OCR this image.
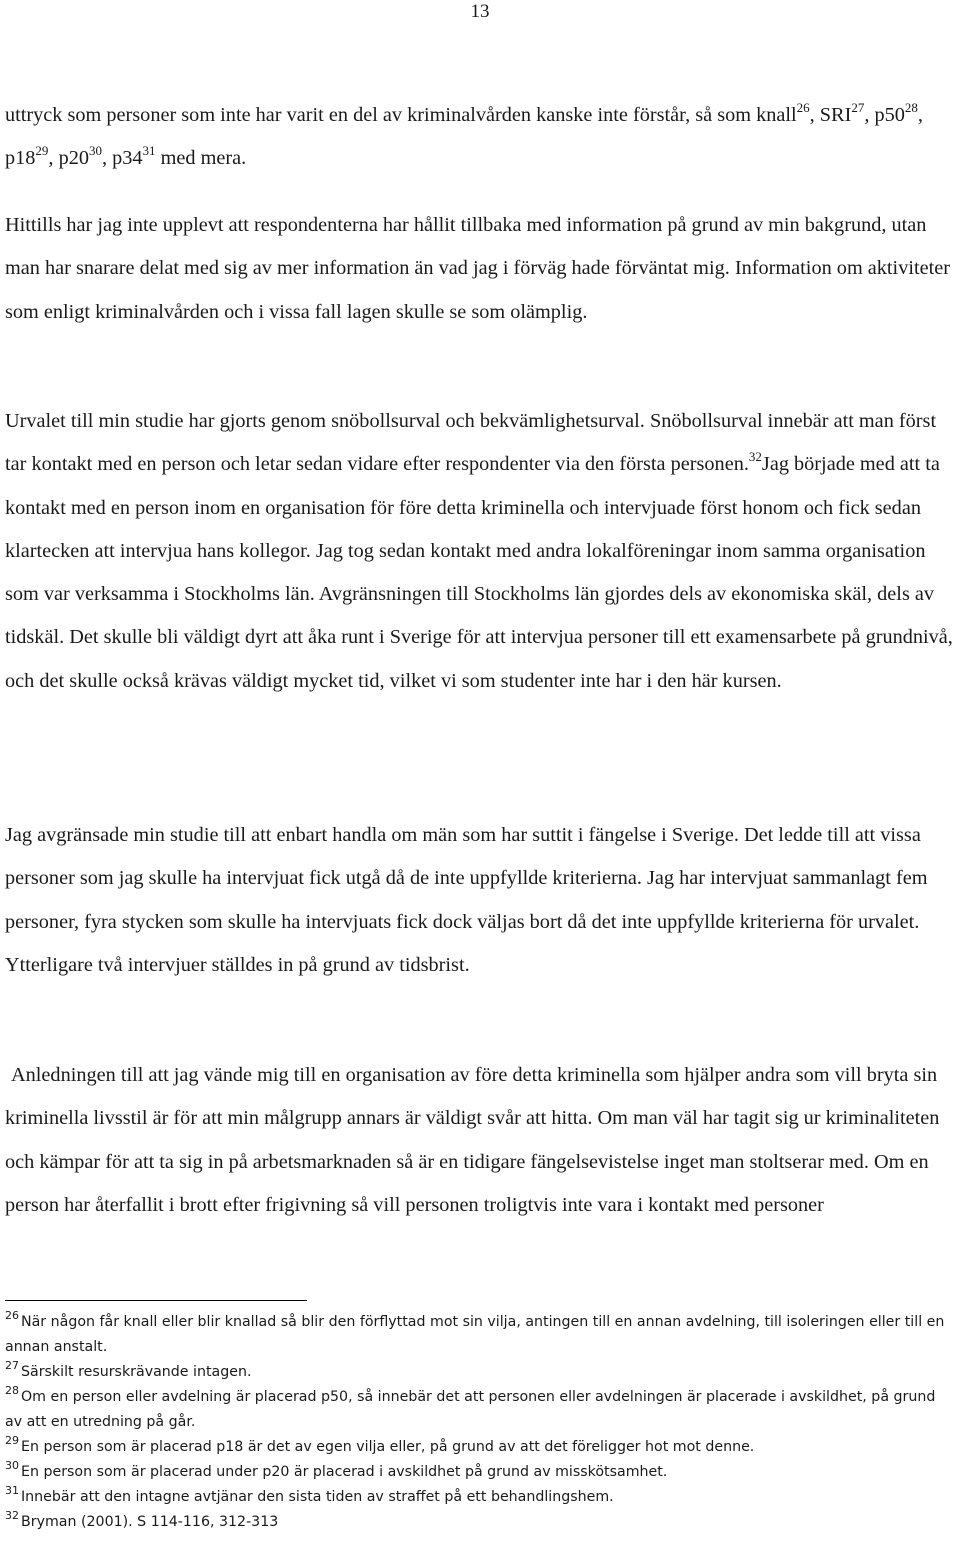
13

uttryck som personer som inte har varit en del av kriminalvården kanske inte förstår, så som knall$^{26}$, SRI$^{27}$, $p50^{28}$, $p18^{29}$, $p20^{30}$, $p34^{31}$ med mera.

Hittills har jag inte upplevt att respondenterna har hållit tillbaka med information på grund av min bakgrund, utan man har snarare delat med sig av mer information än vad jag i förväg hade förväntat mig. Information om aktiviteter som enligt kriminalvården och i vissa fall lagen skulle se som olämplig.

Urvalet till min studie har gjorts genom snöbollsurval och bekvämlighetsurval. Snöbollsurval innebär att man först tar kontakt med en person och letar sedan vidare efter respondenter via den första personen.$^{32}$Jag började med att ta kontakt med en person inom en organisation för före detta kriminella och intervjuade först honom och fick sedan klartecken att intervjua hans kollegor. Jag tog sedan kontakt med andra lokalföreningar inom samma organisation som var verksamma i Stockholms län. Avgränsningen till Stockholms län gjordes dels av ekonomiska skäl, dels av tidskäl. Det skulle bli väldigt dyrt att åka runt i Sverige för att intervjua personer till ett examensarbete på grundnivå, och det skulle också krävas väldigt mycket tid, vilket vi som studenter inte har i den här kursen.

Jag avgränsade min studie till att enbart handla om män som har suttit i fängelse i Sverige. Det ledde till att vissa personer som jag skulle ha intervjuat fick utgå då de inte uppfyllde kriterierna. Jag har intervjuat sammanlagt fem personer, fyra stycken som skulle ha intervjuats fick dock väljas bort då det inte uppfyllde kriterierna för urvalet. Ytterligare två intervjuer ställdes in på grund av tidsbrist.

Anledningen till att jag vände mig till en organisation av före detta kriminella som hjälper andra som vill bryta sin kriminella livsstil är för att min målgrupp annars är väldigt svår att hitta. Om man väl har tagit sig ur kriminaliteten och kämpar för att ta sig in på arbetsmarknaden så är en tidigare fängelsevistelse inget man stoltserar med. Om en person har återfallit i brott efter frigivning så vill personen troligtvis inte vara i kontakt med personer

$^{26}$ När någon får knall eller blir knallad så blir den förflyttad mot sin vilja, antingen till en annan avdelning, till isoleringen eller till en annan anstalt.

$^{27}$ Särskilt resurskrävande intagen.

$^{28}$ Om en person eller avdelning är placerad p50, så innebär det att personen eller avdelningen är placerade i avskildhet, på grund av att en utredning på går.

$^{29}$ En person som är placerad p18 är det av egen vilja eller, på grund av att det föreligger hot mot denne.

$^{30}$ En person som är placerad under p20 är placerad i avskildhet på grund av misskötsamhet.

$^{31}$ Innebär att den intagne avtjänar den sista tiden av straffet på ett behandlingshem.

$^{32}$ Bryman (2001). S 114-116, 312-313
